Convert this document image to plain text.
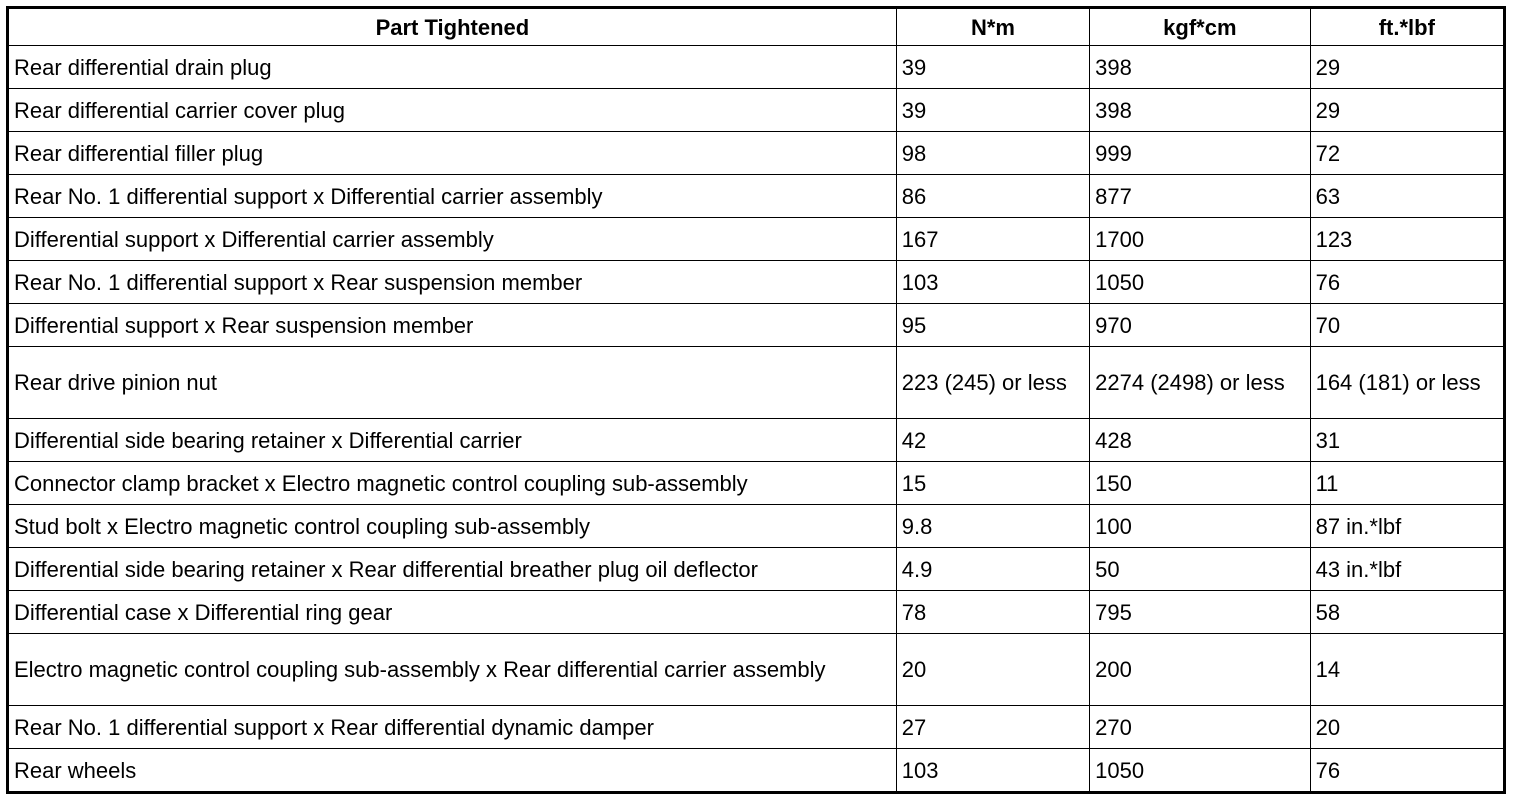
Part Tightened	N*m	kgf*cm	ft.*lbf
Rear differential drain plug	39	398	29
Rear differential carrier cover plug	39	398	29
Rear differential filler plug	98	999	72
Rear No. 1 differential support x Differential carrier assembly	86	877	63
Differential support x Differential carrier assembly	167	1700	123
Rear No. 1 differential support x Rear suspension member	103	1050	76
Differential support x Rear suspension member	95	970	70
Rear drive pinion nut	223 (245) or less	2274 (2498) or less	164 (181) or less
Differential side bearing retainer x Differential carrier	42	428	31
Connector clamp bracket x Electro magnetic control coupling sub-assembly	15	150	11
Stud bolt x Electro magnetic control coupling sub-assembly	9.8	100	87 in.*lbf
Differential side bearing retainer x Rear differential breather plug oil deflector	4.9	50	43 in.*lbf
Differential case x Differential ring gear	78	795	58
Electro magnetic control coupling sub-assembly x Rear differential carrier assembly	20	200	14
Rear No. 1 differential support x Rear differential dynamic damper	27	270	20
Rear wheels	103	1050	76
